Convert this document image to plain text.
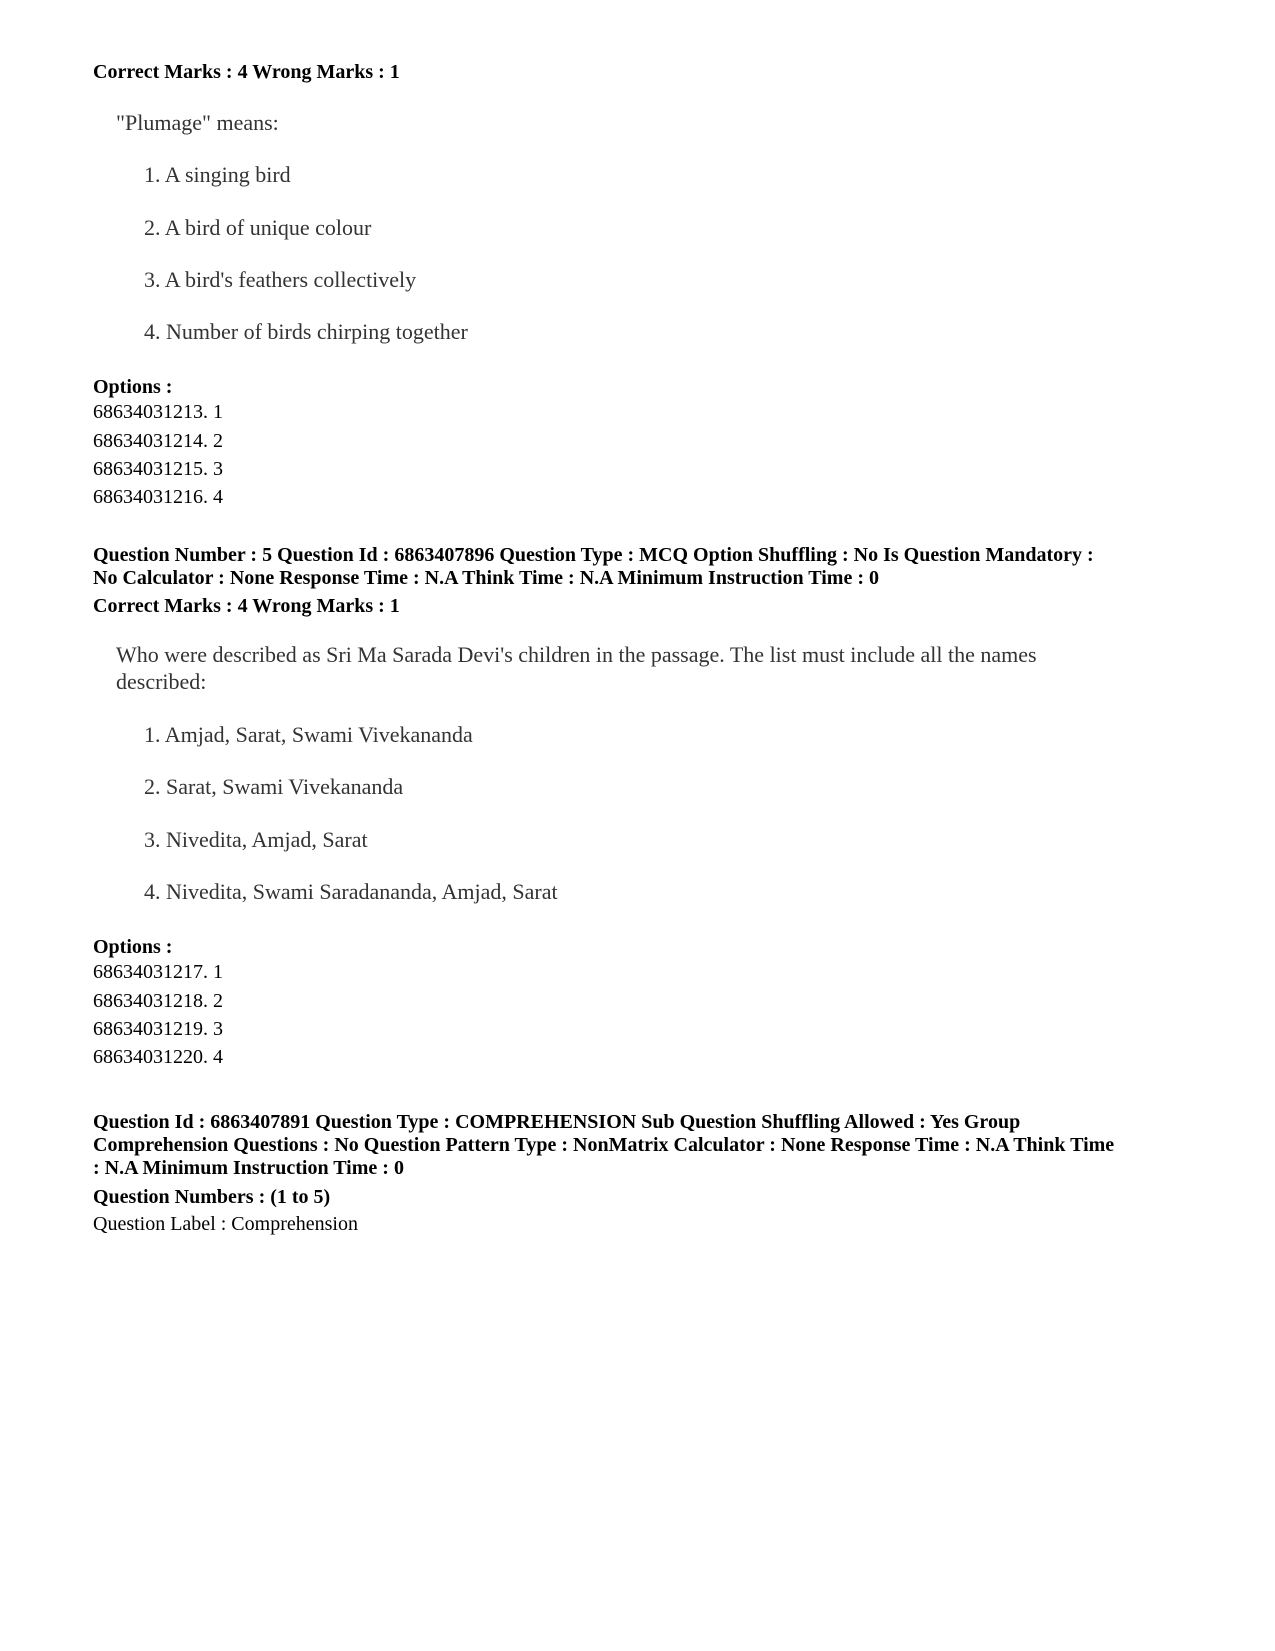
Correct Marks : 4 Wrong Marks : 1

"Plumage" means:
1. A singing bird
2. A bird of unique colour
3. A bird's feathers collectively
4. Number of birds chirping together

Options :

68634031213. 1

68634031214. 2

68634031215. 3

68634031216. 4

Question Number : 5 Question Id : 6863407896 Question Type : MCQ Option Shuffling : No Is Question Mandatory :

No Calculator : None Response Time : N.A Think Time : N.A Minimum Instruction Time : 0

Correct Marks : 4 Wrong Marks : 1

Who were described as Sri Ma Sarada Devi's children in the passage. The list must include all the names
described:
1. Amjad, Sarat, Swami Vivekananda
2. Sarat, Swami Vivekananda
3. Nivedita, Amjad, Sarat
4. Nivedita, Swami Saradananda, Amjad, Sarat

Options :

68634031217. 1

68634031218. 2

68634031219. 3

68634031220. 4

Question Id : 6863407891 Question Type : COMPREHENSION Sub Question Shuffling Allowed : Yes Group

Comprehension Questions : No Question Pattern Type : NonMatrix Calculator : None Response Time : N.A Think Time

: N.A Minimum Instruction Time : 0

Question Numbers : (1 to 5)

Question Label : Comprehension
